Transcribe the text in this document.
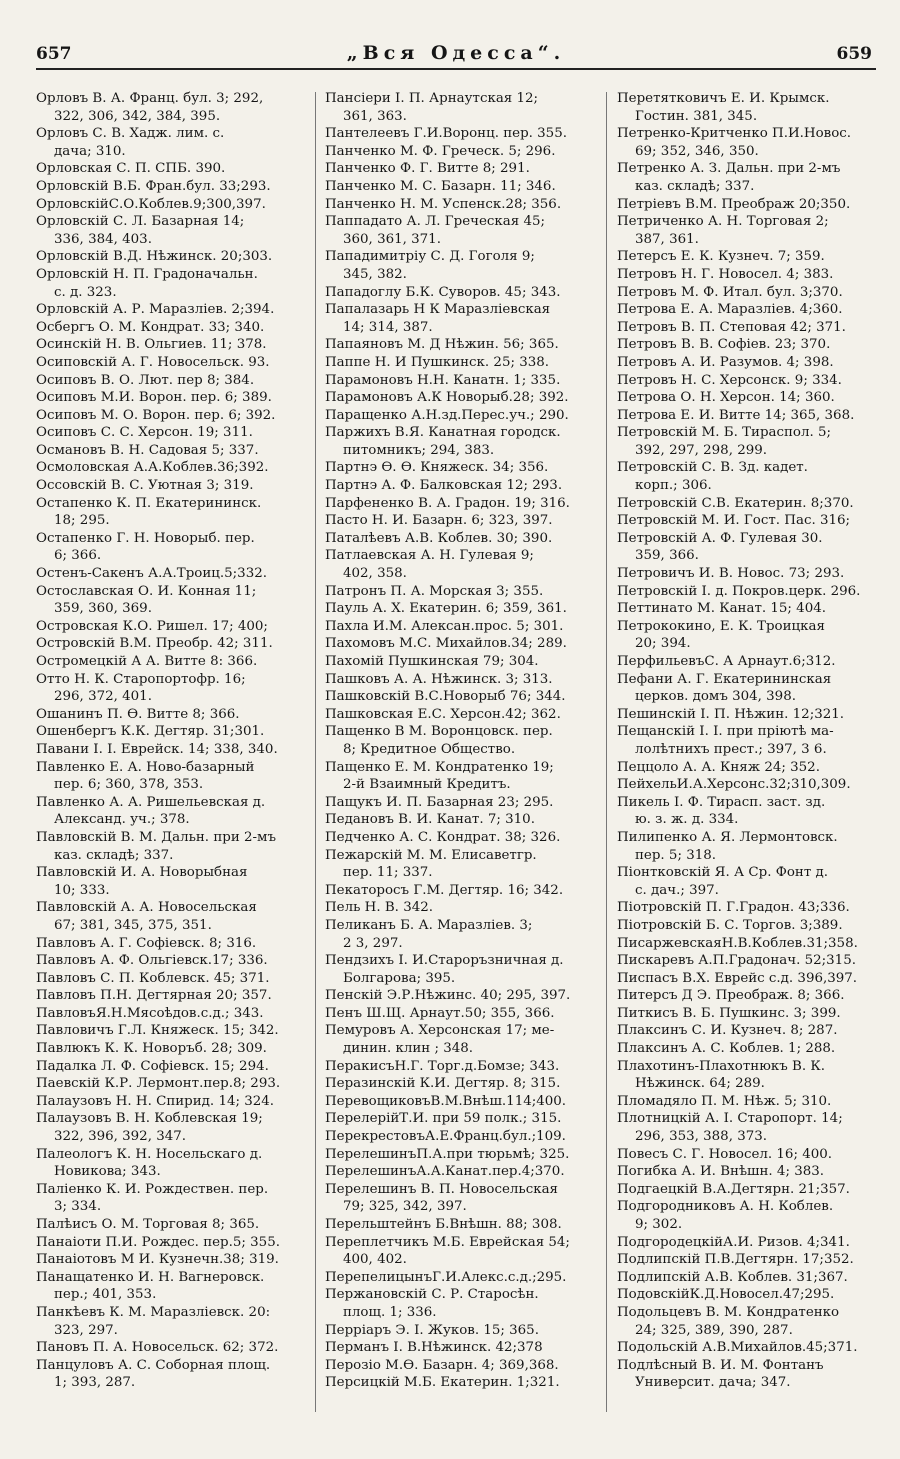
657	„Вся Одесса“.	659
Орловъ В. А. Франц. бул. 3; 292,
322, 306, 342, 384, 395.
Орловъ С. В. Хадж. лим. с.
дача; 310.
Орловская С. П. СПБ. 390.
Орловскій В.Б. Фран.бул. 33;293.
ОрловскійС.О.Коблев.9;300,397.
Орловскій С. Л. Базарная 14;
336, 384, 403.
Орловскій В.Д. Нѣжинск. 20;303.
Орловскій Н. П. Градоначальн.
с. д. 323.
Орловскій А. Р. Маразліев. 2;394.
Осбергъ О. М. Кондрат. 33; 340.
Осинскій Н. В. Ольгиев. 11; 378.
Осиповскій А. Г. Новосельск. 93.
Осиповъ В. О. Лют. пер 8; 384.
Осиповъ М.И. Ворон. пер. 6; 389.
Осиповъ М. О. Ворон. пер. 6; 392.
Осиповъ С. С. Херсон. 19; 311.
Османовъ В. Н. Садовая 5; 337.
Осмоловская А.А.Коблев.36;392.
Оссовскій В. С. Уютная 3; 319.
Остапенко К. П. Екатерининск.
18; 295.
Остапенко Г. Н. Новорыб. пер.
6; 366.
Остенъ-Сакенъ А.А.Троиц.5;332.
Остославская О. И. Конная 11;
359, 360, 369.
Островская К.О. Ришел. 17; 400;
Островскій В.М. Преобр. 42; 311.
Остромецкій А А. Витте 8: 366.
Отто Н. К. Старопортофр. 16;
296, 372, 401.
Ошанинъ П. Ѳ. Витте 8; 366.
Ошенбергъ К.К. Дегтяр. 31;301.
Павани І. І. Еврейск. 14; 338, 340.
Павленко Е. А. Ново-базарный
пер. 6; 360, 378, 353.
Павленко А. А. Ришельевская д.
Александ. уч.; 378.
Павловскій В. М. Дальн. при 2-мъ
каз. складѣ; 337.
Павловскій И. А. Новорыбная
10; 333.
Павловскій А. А. Новосельская
67; 381, 345, 375, 351.
Павловъ А. Г. Софіевск. 8; 316.
Павловъ А. Ф. Ольгіевск.17; 336.
Павловъ С. П. Коблевск. 45; 371.
Павловъ П.Н. Дегтярная 20; 357.
ПавловъЯ.Н.Мясоѣдов.с.д.; 343.
Павловичъ Г.Л. Княжеск. 15; 342.
Павлюкъ К. К. Новоръб. 28; 309.
Падалка Л. Ф. Софіевск. 15; 294.
Паевскій К.Р. Лермонт.пер.8; 293.
Палаузовъ Н. Н. Спирид. 14; 324.
Палаузовъ В. Н. Коблевская 19;
322, 396, 392, 347.
Палеологъ К. Н. Носельскаго д.
Новикова; 343.
Паліенко К. И. Рождествен. пер.
3; 334.
Палѣисъ О. М. Торговая 8; 365.
Панаіоти П.И. Рождес. пер.5; 355.
Панаіотовъ М И. Кузнечн.38; 319.
Панащатенко И. Н. Вагнеровск.
пер.; 401, 353.
Панкѣевъ К. М. Маразліевск. 20:
323, 297.
Пановъ П. А. Новосельск. 62; 372.
Панцуловъ А. С. Соборная площ.
1; 393, 287.
Пансіери І. П. Арнаутская 12;
361, 363.
Пантелеевъ Г.И.Воронц. пер. 355.
Панченко М. Ф. Греческ. 5; 296.
Панченко Ф. Г. Витте 8; 291.
Панченко М. С. Базарн. 11; 346.
Панченко Н. М. Успенск.28; 356.
Паппадато А. Л. Греческая 45;
360, 361, 371.
Пападимитріу С. Д. Гоголя 9;
345, 382.
Пападоглу Б.К. Суворов. 45; 343.
Папалазарь Н К Маразліевская
14; 314, 387.
Папаяновъ М. Д Нѣжин. 56; 365.
Паппе Н. И Пушкинск. 25; 338.
Парамоновъ Н.Н. Канатн. 1; 335.
Парамоновъ А.К Новорыб.28; 392.
Паращенко А.Н.зд.Перес.уч.; 290.
Паржихъ В.Я. Канатная городск.
питомникъ; 294, 383.
Партнэ Ѳ. Ѳ. Княжеск. 34; 356.
Партнэ А. Ф. Балковская 12; 293.
Парфененко В. А. Градон. 19; 316.
Пасто Н. И. Базарн. 6; 323, 397.
Паталѣевъ А.В. Коблев. 30; 390.
Патлаевская А. Н. Гулевая 9;
402, 358.
Патронъ П. А. Морская 3; 355.
Пауль А. Х. Екатерин. 6; 359, 361.
Пахла И.М. Алексан.прос. 5; 301.
Пахомовъ М.С. Михайлов.34; 289.
Пахомій Пушкинская 79; 304.
Пашковъ А. А. Нѣжинск. 3; 313.
Пашковскій В.С.Новорыб 76; 344.
Пашковская Е.С. Херсон.42; 362.
Пащенко В М. Воронцовск. пер.
8; Кредитное Общество.
Пащенко Е. М. Кондратенко 19;
2-й Взаимный Кредитъ.
Пащукъ И. П. Базарная 23; 295.
Педановъ В. И. Канат. 7; 310.
Педченко А. С. Кондрат. 38; 326.
Пежарскій М. М. Елисаветгр.
пер. 11; 337.
Пекаторосъ Г.М. Дегтяр. 16; 342.
Пель Н. В. 342.
Пеликанъ Б. А. Маразліев. 3;
2 3, 297.
Пендзихъ І. И.Староръзничная д.
Болгарова; 395.
Пенскій Э.Р.Нѣжинс. 40; 295, 397.
Пенъ Ш.Щ. Арнаут.50; 355, 366.
Пемуровъ А. Херсонская 17; ме-
динин. клин ; 348.
ПеракисъН.Г. Торг.д.Бомзе; 343.
Перазинскій К.И. Дегтяр. 8; 315.
ПеревощиковъВ.М.Внѣш.114;400.
ПерелерійТ.И. при 59 полк.; 315.
ПерекрестовъА.Е.Франц.бул.;109.
ПерелешинъП.А.при тюрьмѣ; 325.
ПерелешинъА.А.Канат.пер.4;370.
Перелешинъ В. П. Новосельская
79; 325, 342, 397.
Перельштейнъ Б.Внѣшн. 88; 308.
Переплетчикъ М.Б. Еврейская 54;
400, 402.
ПерепелицынъГ.И.Алекс.с.д.;295.
Пержановскій С. Р. Старосѣн.
площ. 1; 336.
Перріаръ Э. І. Жуков. 15; 365.
Перманъ І. В.Нѣжинск. 42;378
Перозіо М.Ѳ. Базарн. 4; 369,368.
Персицкій М.Б. Екатерин. 1;321.
Перетятковичъ Е. И. Крымск.
Гостин. 381, 345.
Петренко-Критченко П.И.Новос.
69; 352, 346, 350.
Петренко А. З. Дальн. при 2-мъ
каз. складѣ; 337.
Петріевъ В.М. Преображ 20;350.
Петриченко А. Н. Торговая 2;
387, 361.
Петерсъ Е. К. Кузнеч. 7; 359.
Петровъ Н. Г. Новосел. 4; 383.
Петровъ М. Ф. Итал. бул. 3;370.
Петрова Е. А. Маразліев. 4;360.
Петровъ В. П. Степовая 42; 371.
Петровъ В. В. Софіев. 23; 370.
Петровъ А. И. Разумов. 4; 398.
Петровъ Н. С. Херсонск. 9; 334.
Петрова О. Н. Херсон. 14; 360.
Петрова Е. И. Витте 14; 365, 368.
Петровскій М. Б. Тираспол. 5;
392, 297, 298, 299.
Петровскій С. В. Зд. кадет.
корп.; 306.
Петровскій С.В. Екатерин. 8;370.
Петровскій М. И. Гост. Пас. 316;
Петровскій А. Ф. Гулевая 30.
359, 366.
Петровичъ И. В. Новос. 73; 293.
Петровскій І. д. Покров.церк. 296.
Петтинато М. Канат. 15; 404.
Петрококино, Е. К. Троицкая
20; 394.
ПерфильевъС. А Арнаут.6;312.
Пефани А. Г. Екатерининская
церков. домъ 304, 398.
Пешинскій І. П. Нѣжин. 12;321.
Пещанскій І. І. при пріютѣ ма-
лолѣтнихъ прест.; 397, 3 6.
Пеццоло А. А. Княж 24; 352.
ПейхельИ.А.Херсонс.32;310,309.
Пикель І. Ф. Тирасп. заст. зд.
ю. з. ж. д. 334.
Пилипенко А. Я. Лермонтовск.
пер. 5; 318.
Піонтковскій Я. А Ср. Фонт д.
с. дач.; 397.
Піотровскій П. Г.Градон. 43;336.
Піотровскій Б. С. Торгов. 3;389.
ПисаржевскаяН.В.Коблев.31;358.
Пискаревъ А.П.Градонач. 52;315.
Писпасъ В.Х. Еврейс с.д. 396,397.
Питерсъ Д Э. Преображ. 8; 366.
Питкисъ В. Б. Пушкинс. 3; 399.
Плаксинъ С. И. Кузнеч. 8; 287.
Плаксинъ А. С. Коблев. 1; 288.
Плахотинъ-Плахотнюкъ В. К.
Нѣжинск. 64; 289.
Пломадяло П. М. Нѣж. 5; 310.
Плотницкій А. І. Старопорт. 14;
296, 353, 388, 373.
Повесъ С. Г. Новосел. 16; 400.
Погибка А. И. Внѣшн. 4; 383.
Подгаецкій В.А.Дегтярн. 21;357.
Подгородниковъ А. Н. Коблев.
9; 302.
ПодгородецкійА.И. Ризов. 4;341.
Подлипскій П.В.Дегтярн. 17;352.
Подлипскій А.В. Коблев. 31;367.
ПодовскійК.Д.Новосел.47;295.
Подольцевъ В. М. Кондратенко
24; 325, 389, 390, 287.
Подольскій А.В.Михайлов.45;371.
Подлѣсный В. И. М. Фонтанъ
Университ. дача; 347.
